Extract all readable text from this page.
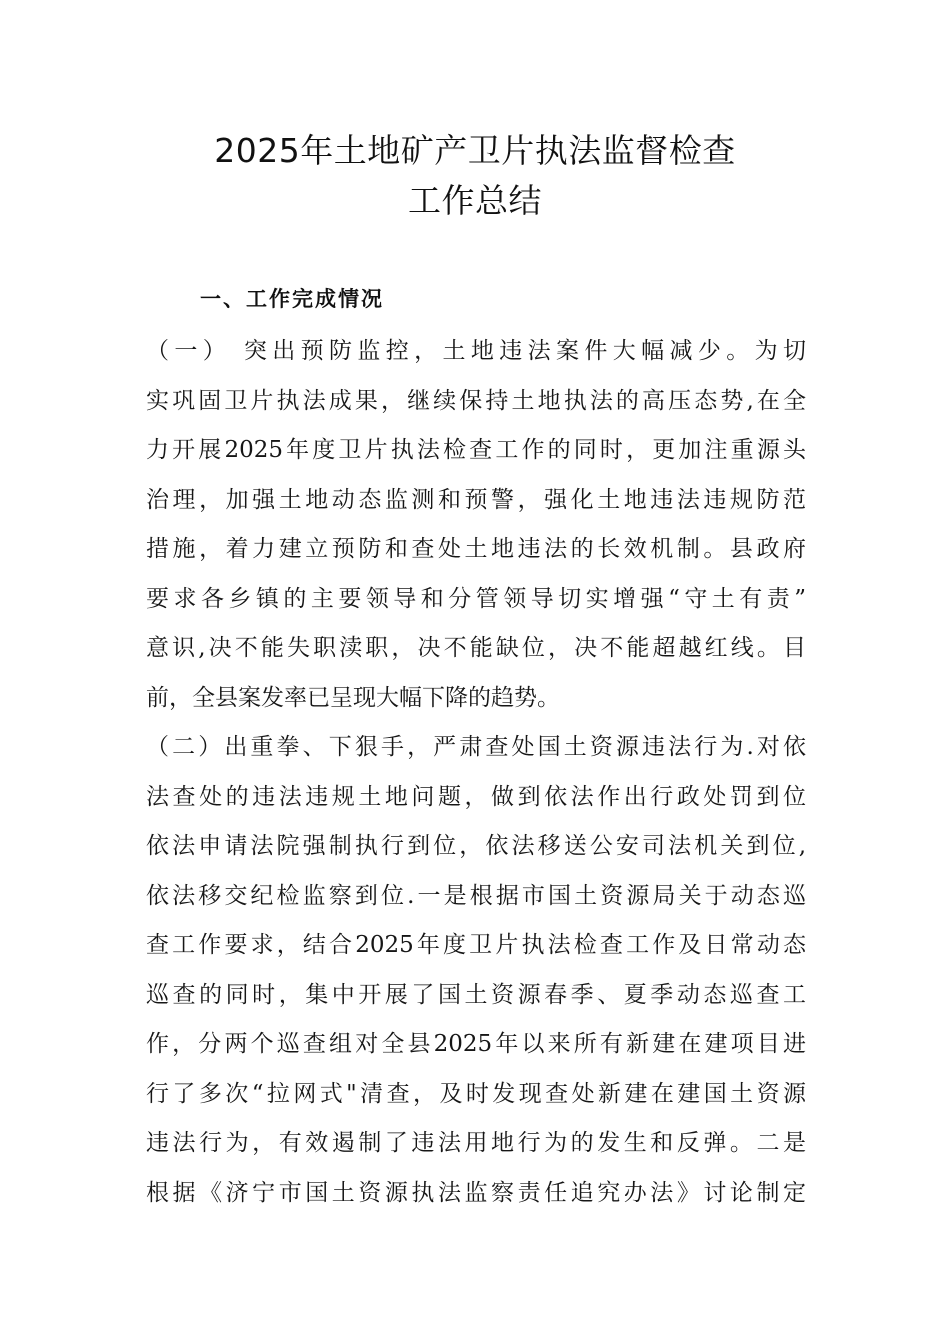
2025年土地矿产卫片执法监督检查
工作总结
一、工作完成情况
（一） 突出预防监控，土地违法案件大幅减少。为切
实巩固卫片执法成果，继续保持土地执法的高压态势,在全
力开展2025年度卫片执法检查工作的同时，更加注重源头
治理，加强土地动态监测和预警，强化土地违法违规防范
措施，着力建立预防和查处土地违法的长效机制。县政府
要求各乡镇的主要领导和分管领导切实增强“守土有责”
意识,决不能失职渎职，决不能缺位，决不能超越红线。目
前，全县案发率已呈现大幅下降的趋势。
（二）出重拳、下狠手，严肃查处国土资源违法行为.对依
法查处的违法违规土地问题，做到依法作出行政处罚到位
依法申请法院强制执行到位，依法移送公安司法机关到位,
依法移交纪检监察到位.一是根据市国土资源局关于动态巡
查工作要求，结合2025年度卫片执法检查工作及日常动态
巡查的同时，集中开展了国土资源春季、夏季动态巡查工
作，分两个巡查组对全县2025年以来所有新建在建项目进
行了多次“拉网式"清查，及时发现查处新建在建国土资源
违法行为，有效遏制了违法用地行为的发生和反弹。二是
根据《济宁市国土资源执法监察责任追究办法》讨论制定
